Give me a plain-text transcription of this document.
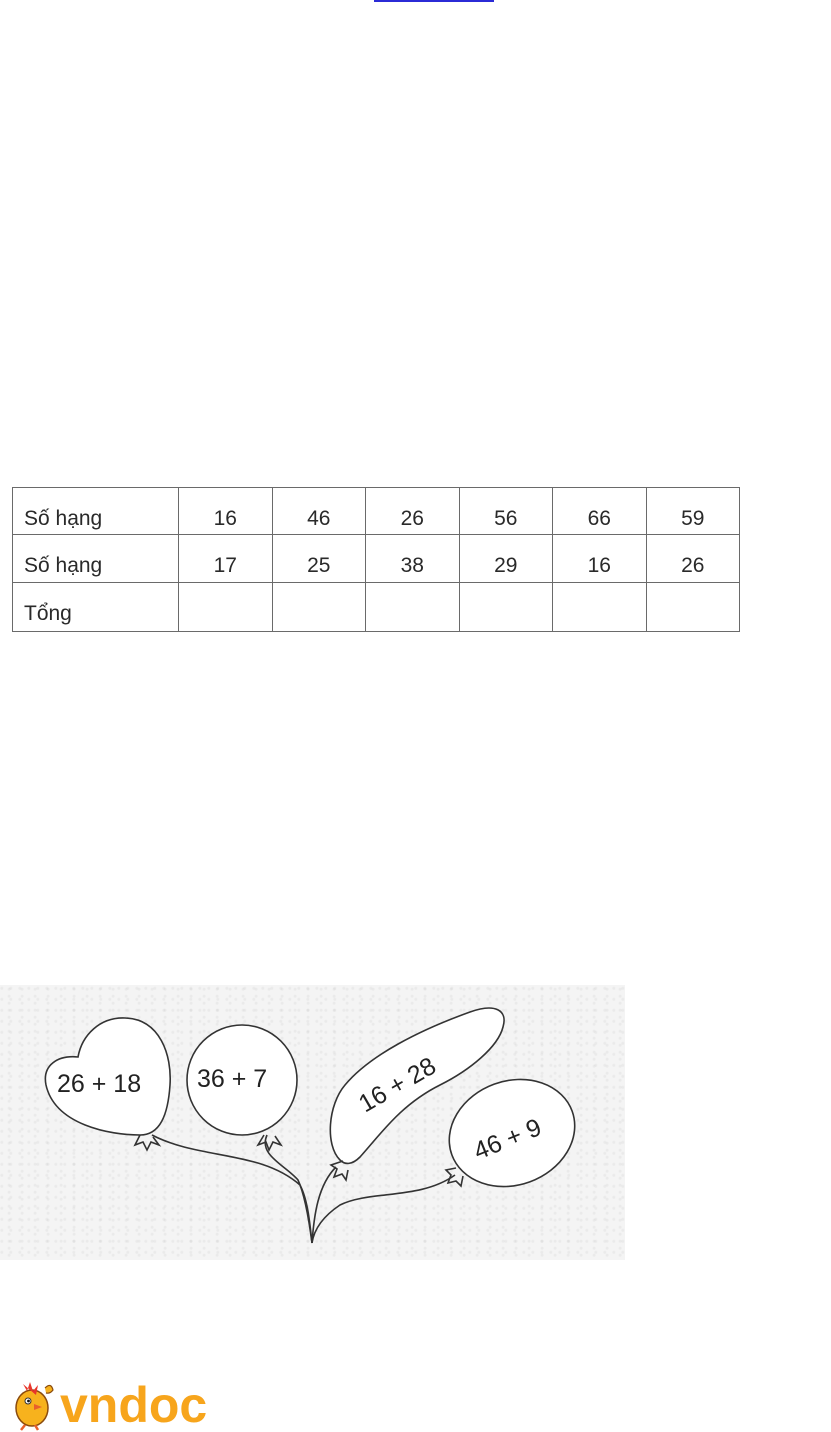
Số hạng	16	46	26	56	66	59
Số hạng	17	25	38	29	16	26
Tổng						
26 + 18 36 + 7	16 + 28
46 + 9
vndoc
